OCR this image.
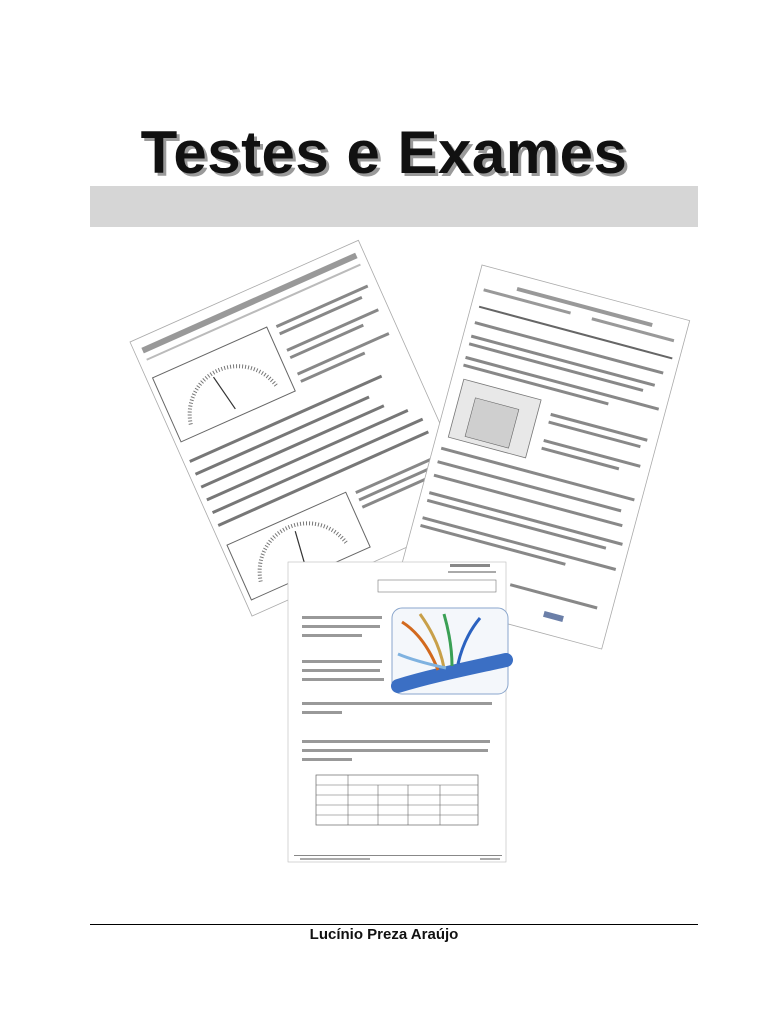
Testes e Exames
Lucínio Preza Araújo
